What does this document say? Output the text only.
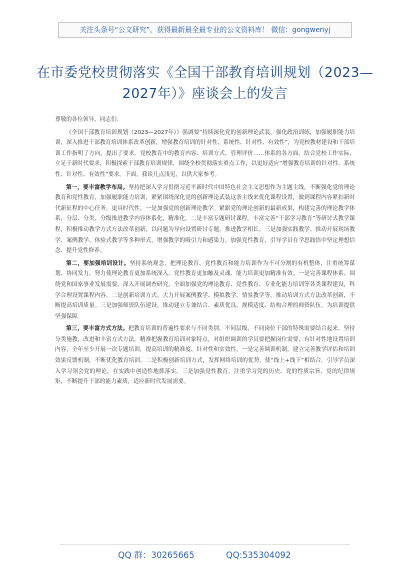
关注头条号“公文研究”，获得最新最全最专业的公文资料库！ 微信：gongwenyj
在市委党校贯彻落实《全国干部教育培训规划（2023—2027年）》座谈会上的发言

尊敬的各位领导、同志们：

《全国干部教育培训规划（2023—2027年）》强调要“持续深化党的创新理论武装，强化政治训练，加强履职能力培训，深入推进干部教育培训体系改革创新，增强教育培训的针对性、系统性、针对性、有效性”，为党校教材建设和干部培训工作指明了方向，提出了要求。党校教育中的教育内容、培训方式、管理评价……体系的各方面，结合党校工作实际，立足于新时代要求，积极探索干部教育培训规律，围绕全校贯彻落实重点工作，以更好适应“增强教育培训的针对性、系统性、针对性、有效性”要求。下面，我谈几点浅见，以供大家参考。

第一，要丰富教学布局。坚持把深入学习贯彻习近平新时代中国特色社会主义思想作为主题主线，不断强化党的理论教育和党性教育，加强履职能力培训，紧紧围绕深化党的创新理论武装这条主线来优化课程设置，做到课程内容紧扣新时代新征程的中心任务，更具时代性。一是加强党的创新理论教学。紧跟党的理论创新的最新成果，构建完善的理论教学体系，分层、分类、分级推进教学内容体系化，精准化。二是丰富专题研讨课程。丰富完善“干部学习教育”等研讨式教学课程，积极推动教学方式方法改革创新，以问题为导向设置研讨专题，推进教学相长。三是加强实践教学。推动开展现场教学、案例教学、体验式教学等多种形式，增强教学的吸引力和感染力。加强党性教育，引导学员在学思践悟中坚定理想信念、提升党性修养。

第二，要加强培训设计。坚持系统观念，把理论教育、党性教育和能力培训作为不可分割的有机整体，注重统筹谋划、协同发力，努力使理论教育更加系统深入、党性教育更加触及灵魂、能力培训更加精准有效。一是完善课程体系。围绕党和国家事业发展需要，深入开展调查研究，全面加强党的理论教育、党性教育、专业化能力培训等各类课程建设，科学合理设置课程内容。二是创新培训方式。大力开展案例教学、模拟教学、情景教学等，推动培训方式方法改革创新，不断提高培训质量。三是加强师资队伍建设。推动建立专兼结合、素质优良、规模适度、结构合理的师资队伍，为培训提供坚强保障。

第三，要丰富方式方法。把教育培训的普遍性要求与不同类别、不同层级、不同岗位干部的特殊需要结合起来，坚持分类施教，改进和丰富方式方法。精准把握教育培训对象特点，对组织调训的学员要把握岗位需要，有针对性地设置培训内容，全年至少开展一次专题培训，提高培训的精准度、针对性和实效性。一是完善调训机制，建立完善教学评估和培训效果反馈机制，不断优化教育培训。二是积极创新培训方式，发挥网络培训的优势，使“线上+线下”相结合，引导学员深入学习领会党的理论，在实践中创造性地抓落实。三是加强党性教育，注重学习党的历史、党的性质宗旨、党的纪律规矩，不断提升干部的能力素质，适应新时代发展需要。

QQ 群：30265665	QQ:535304092
